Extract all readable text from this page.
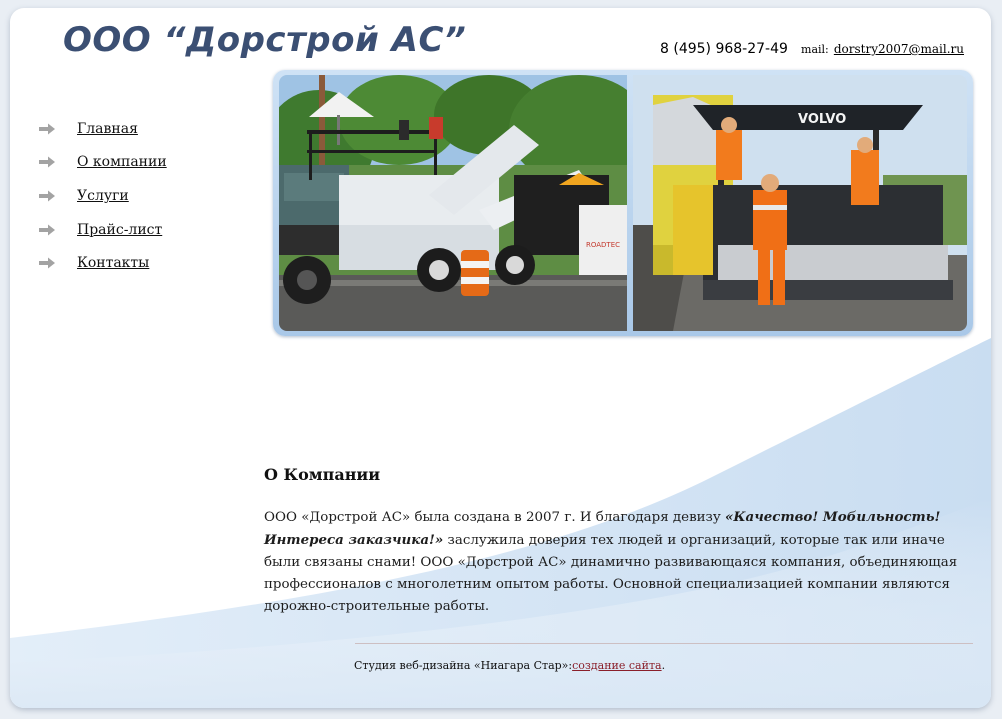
ООО “Дорстрой АС”	8 (495) 968-27-49 mail: dorstry2007@mail.ru
Главная
О компании
Услуги
Прайс-лист
Контакты
ROADTEC
VOLVO
О Компании

ООО «Дорстрой АС» была создана в 2007 г. И благодаря девизу «Качество! Мобильность! Интереса заказчика!» заслужила доверия тех людей и организаций, которые так или иначе были связаны снами! ООО «Дорстрой АС» динамично развивающаяся компания, объединяющая профессионалов с многолетним опытом работы. Основной специализацией компании являются дорожно-строительные работы.

Студия веб-дизайна «Ниагара Стар»:создание сайта.
